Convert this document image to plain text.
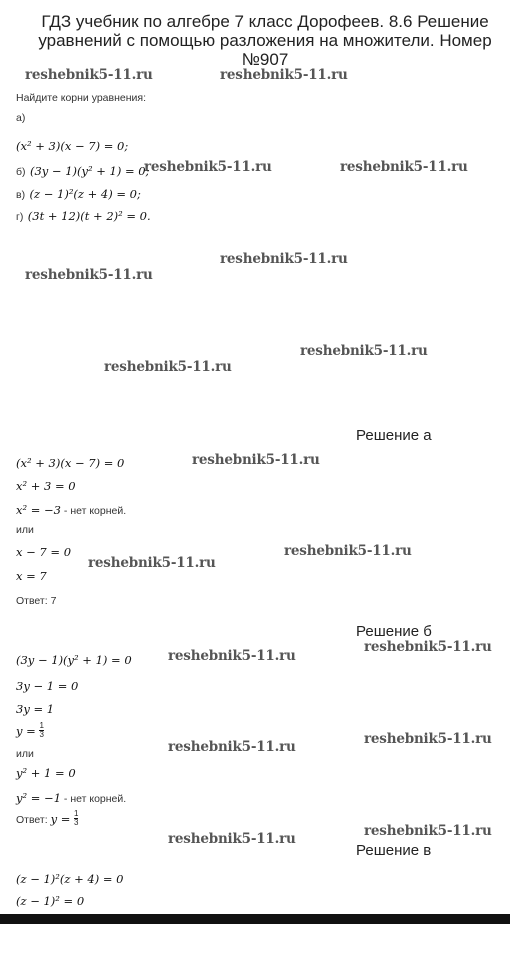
ГДЗ учебник по алгебре 7 класс Дорофеев. 8.6 Решение уравнений с помощью разложения на множители. Номер №907
reshebnik5-11.ru	reshebnik5-11.ru
reshebnik5-11.ru	reshebnik5-11.ru
reshebnik5-11.ru
reshebnik5-11.ru
reshebnik5-11.ru
reshebnik5-11.ru
reshebnik5-11.ru
reshebnik5-11.ru
reshebnik5-11.ru
reshebnik5-11.ru
reshebnik5-11.ru
reshebnik5-11.ru
reshebnik5-11.ru
reshebnik5-11.ru
reshebnik5-11.ru
Найдите корни уравнения:
а)
(x² + 3)(x − 7) = 0;
б) (3y − 1)(y² + 1) = 0;
в) (z − 1)²(z + 4) = 0;
г) (3t + 12)(t + 2)² = 0.
Решение а
(x² + 3)(x − 7) = 0
x² + 3 = 0
x² = −3 - нет корней.
или
x − 7 = 0
x = 7
Ответ: 7
Решение б
(3y − 1)(y² + 1) = 0
3y − 1 = 0
3y = 1
$y = \frac{1}{3}$
или
y² + 1 = 0
y² = −1 - нет корней.
Ответ: $y = \frac{1}{3}$
Решение в
(z − 1)²(z + 4) = 0
(z − 1)² = 0
